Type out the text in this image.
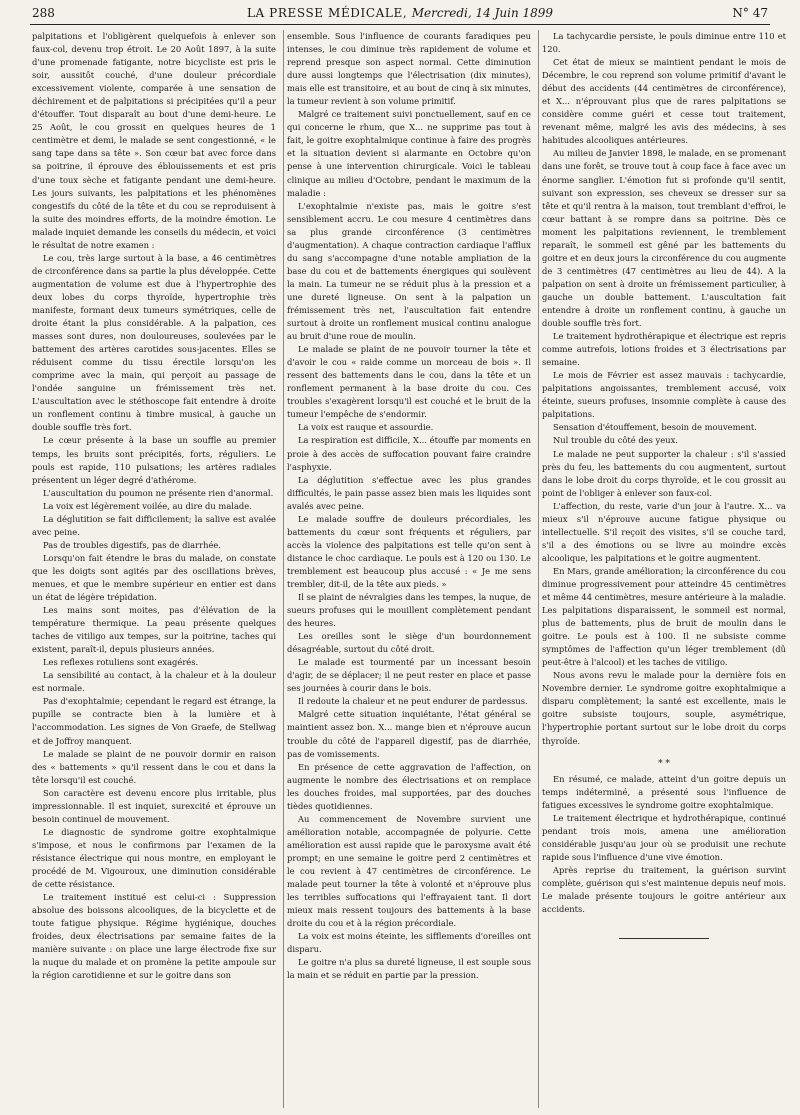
288	LA PRESSE MÉDICALE, Mercredi, 14 Juin 1899	N° 47

palpitations et l'obligèrent quelquefois à enlever son faux-col, devenu trop étroit. Le 20 Août 1897, à la suite d'une promenade fatigante, notre bicycliste est pris le soir, aussitôt couché, d'une douleur précordiale excessivement violente, comparée à une sensation de déchirement et de palpitations si précipitées qu'il a peur d'étouffer. Tout disparaît au bout d'une demi-heure. Le 25 Août, le cou grossit en quelques heures de 1 centimètre et demi, le malade se sent congestionné, « le sang tape dans sa tête ». Son cœur bat avec force dans sa poitrine, il éprouve des éblouissements et est pris d'une toux sèche et fatigante pendant une demi-heure. Les jours suivants, les palpitations et les phénomènes congestifs du côté de la tête et du cou se reproduisent à la suite des moindres efforts, de la moindre émotion. Le malade inquiet demande les conseils du médecin, et voici le résultat de notre examen :

Le cou, très large surtout à la base, a 46 centimètres de circonférence dans sa partie la plus développée. Cette augmentation de volume est due à l'hypertrophie des deux lobes du corps thyroïde, hypertrophie très manifeste, formant deux tumeurs symétriques, celle de droite étant la plus considérable. A la palpation, ces masses sont dures, non douloureuses, soulevées par le battement des artères carotides sous-jacentes. Elles se réduisent comme du tissu érectile lorsqu'on les comprime avec la main, qui perçoit au passage de l'ondée sanguine un frémissement très net. L'auscultation avec le stéthoscope fait entendre à droite un ronflement continu à timbre musical, à gauche un double souffle très fort.

Le cœur présente à la base un souffle au premier temps, les bruits sont précipités, forts, réguliers. Le pouls est rapide, 110 pulsations; les artères radiales présentent un léger degré d'athérome.

L'auscultation du poumon ne présente rien d'anormal.

La voix est légèrement voilée, au dire du malade.

La déglutition se fait difficilement; la salive est avalée avec peine.

Pas de troubles digestifs, pas de diarrhée.

Lorsqu'on fait étendre le bras du malade, on constate que les doigts sont agités par des oscillations brèves, menues, et que le membre supérieur en entier est dans un état de légère trépidation.

Les mains sont moites, pas d'élévation de la température thermique. La peau présente quelques taches de vitiligo aux tempes, sur la poitrine, taches qui existent, paraît-il, depuis plusieurs années.

Les reflexes rotuliens sont exagérés.

La sensibilité au contact, à la chaleur et à la douleur est normale.

Pas d'exophtalmie; cependant le regard est étrange, la pupille se contracte bien à la lumière et à l'accommodation. Les signes de Von Graefe, de Stellwag et de Joffroy manquent.

Le malade se plaint de ne pouvoir dormir en raison des « battements » qu'il ressent dans le cou et dans la tête lorsqu'il est couché.

Son caractère est devenu encore plus irritable, plus impressionnable. Il est inquiet, surexcité et éprouve un besoin continuel de mouvement.

Le diagnostic de syndrome goitre exophtalmique s'impose, et nous le confirmons par l'examen de la résistance électrique qui nous montre, en employant le procédé de M. Vigouroux, une diminution considérable de cette résistance.

Le traitement institué est celui-ci : Suppression absolue des boissons alcooliques, de la bicyclette et de toute fatigue physique. Régime hygiénique, douches froides, deux électrisations par semaine faites de la manière suivante : on place une large électrode fixe sur la nuque du malade et on promène la petite ampoule sur la région carotidienne et sur le goitre dans son

ensemble. Sous l'influence de courants faradiques peu intenses, le cou diminue très rapidement de volume et reprend presque son aspect normal. Cette diminution dure aussi longtemps que l'électrisation (dix minutes), mais elle est transitoire, et au bout de cinq à six minutes, la tumeur revient à son volume primitif.

Malgré ce traitement suivi ponctuellement, sauf en ce qui concerne le rhum, que X... ne supprime pas tout à fait, le goitre exophtalmique continue à faire des progrès et la situation devient si alarmante en Octobre qu'on pense à une intervention chirurgicale. Voici le tableau clinique au milieu d'Octobre, pendant le maximum de la maladie :

L'exophtalmie n'existe pas, mais le goitre s'est sensiblement accru. Le cou mesure 4 centimètres dans sa plus grande circonférence (3 centimètres d'augmentation). A chaque contraction cardiaque l'afflux du sang s'accompagne d'une notable ampliation de la base du cou et de battements énergiques qui soulèvent la main. La tumeur ne se réduit plus à la pression et a une dureté ligneuse. On sent à la palpation un frémissement très net, l'auscultation fait entendre surtout à droite un ronflement musical continu analogue au bruit d'une roue de moulin.

Le malade se plaint de ne pouvoir tourner la tête et d'avoir le cou « raide comme un morceau de bois ». Il ressent des battements dans le cou, dans la tête et un ronflement permanent à la base droite du cou. Ces troubles s'exagèrent lorsqu'il est couché et le bruit de la tumeur l'empêche de s'endormir.

La voix est rauque et assourdie.

La respiration est difficile, X... étouffe par moments en proie à des accès de suffocation pouvant faire craindre l'asphyxie.

La déglutition s'effectue avec les plus grandes difficultés, le pain passe assez bien mais les liquides sont avalés avec peine.

Le malade souffre de douleurs précordiales, les battements du cœur sont fréquents et réguliers, par accès la violence des palpitations est telle qu'on sent à distance le choc cardiaque. Le pouls est à 120 ou 130. Le tremblement est beaucoup plus accusé : « Je me sens trembler, dit-il, de la tête aux pieds. »

Il se plaint de névralgies dans les tempes, la nuque, de sueurs profuses qui le mouillent complètement pendant des heures.

Les oreilles sont le siège d'un bourdonnement désagréable, surtout du côté droit.

Le malade est tourmenté par un incessant besoin d'agir, de se déplacer; il ne peut rester en place et passe ses journées à courir dans le bois.

Il redoute la chaleur et ne peut endurer de pardessus.

Malgré cette situation inquiétante, l'état général se maintient assez bon. X... mange bien et n'éprouve aucun trouble du côté de l'appareil digestif, pas de diarrhée, pas de vomissements.

En présence de cette aggravation de l'affection, on augmente le nombre des électrisations et on remplace les douches froides, mal supportées, par des douches tièdes quotidiennes.

Au commencement de Novembre survient une amélioration notable, accompagnée de polyurie. Cette amélioration est aussi rapide que le paroxysme avait été prompt; en une semaine le goitre perd 2 centimètres et le cou revient à 47 centimètres de circonférence. Le malade peut tourner la tête à volonté et n'éprouve plus les terribles suffocations qui l'effrayaient tant. Il dort mieux mais ressent toujours des battements à la base droite du cou et à la région précordiale.

La voix est moins éteinte, les sifflements d'oreilles ont disparu.

Le goitre n'a plus sa dureté ligneuse, il est souple sous la main et se réduit en partie par la pression.

La tachycardie persiste, le pouls diminue entre 110 et 120.

Cet état de mieux se maintient pendant le mois de Décembre, le cou reprend son volume primitif d'avant le début des accidents (44 centimètres de circonférence), et X... n'éprouvant plus que de rares palpitations se considère comme guéri et cesse tout traitement, revenant même, malgré les avis des médecins, à ses habitudes alcooliques antérieures.

Au milieu de Janvier 1898, le malade, en se promenant dans une forêt, se trouve tout à coup face à face avec un énorme sanglier. L'émotion fut si profonde qu'il sentit, suivant son expression, ses cheveux se dresser sur sa tête et qu'il rentra à la maison, tout tremblant d'effroi, le cœur battant à se rompre dans sa poitrine. Dès ce moment les palpitations reviennent, le tremblement reparaît, le sommeil est gêné par les battements du goitre et en deux jours la circonférence du cou augmente de 3 centimètres (47 centimètres au lieu de 44). A la palpation on sent à droite un frémissement particulier, à gauche un double battement. L'auscultation fait entendre à droite un ronflement continu, à gauche un double souffle très fort.

Le traitement hydrothérapique et électrique est repris comme autrefois, lotions froides et 3 électrisations par semaine.

Le mois de Février est assez mauvais : tachycardie, palpitations angoissantes, tremblement accusé, voix éteinte, sueurs profuses, insomnie complète à cause des palpitations.

Sensation d'étouffement, besoin de mouvement.

Nul trouble du côté des yeux.

Le malade ne peut supporter la chaleur : s'il s'assied près du feu, les battements du cou augmentent, surtout dans le lobe droit du corps thyroïde, et le cou grossit au point de l'obliger à enlever son faux-col.

L'affection, du reste, varie d'un jour à l'autre. X... va mieux s'il n'éprouve aucune fatigue physique ou intellectuelle. S'il reçoit des visites, s'il se couche tard, s'il a des émotions ou se livre au moindre excès alcoolique, les palpitations et le goitre augmentent.

En Mars, grande amélioration; la circonférence du cou diminue progressivement pour atteindre 45 centimètres et même 44 centimètres, mesure antérieure à la maladie. Les palpitations disparaissent, le sommeil est normal, plus de battements, plus de bruit de moulin dans le goitre. Le pouls est à 100. Il ne subsiste comme symptômes de l'affection qu'un léger tremblement (dû peut-être à l'alcool) et les taches de vitiligo.

Nous avons revu le malade pour la dernière fois en Novembre dernier. Le syndrome goitre exophtalmique a disparu complètement; la santé est excellente, mais le goitre subsiste toujours, souple, asymétrique, l'hypertrophie portant surtout sur le lobe droit du corps thyroïde.

* *

En résumé, ce malade, atteint d'un goitre depuis un temps indéterminé, a présenté sous l'influence de fatigues excessives le syndrome goitre exophtalmique.

Le traitement électrique et hydrothérapique, continué pendant trois mois, amena une amélioration considérable jusqu'au jour où se produisit une rechute rapide sous l'influence d'une vive émotion.

Après reprise du traitement, la guérison survint complète, guérison qui s'est maintenue depuis neuf mois. Le malade présente toujours le goitre antérieur aux accidents.
